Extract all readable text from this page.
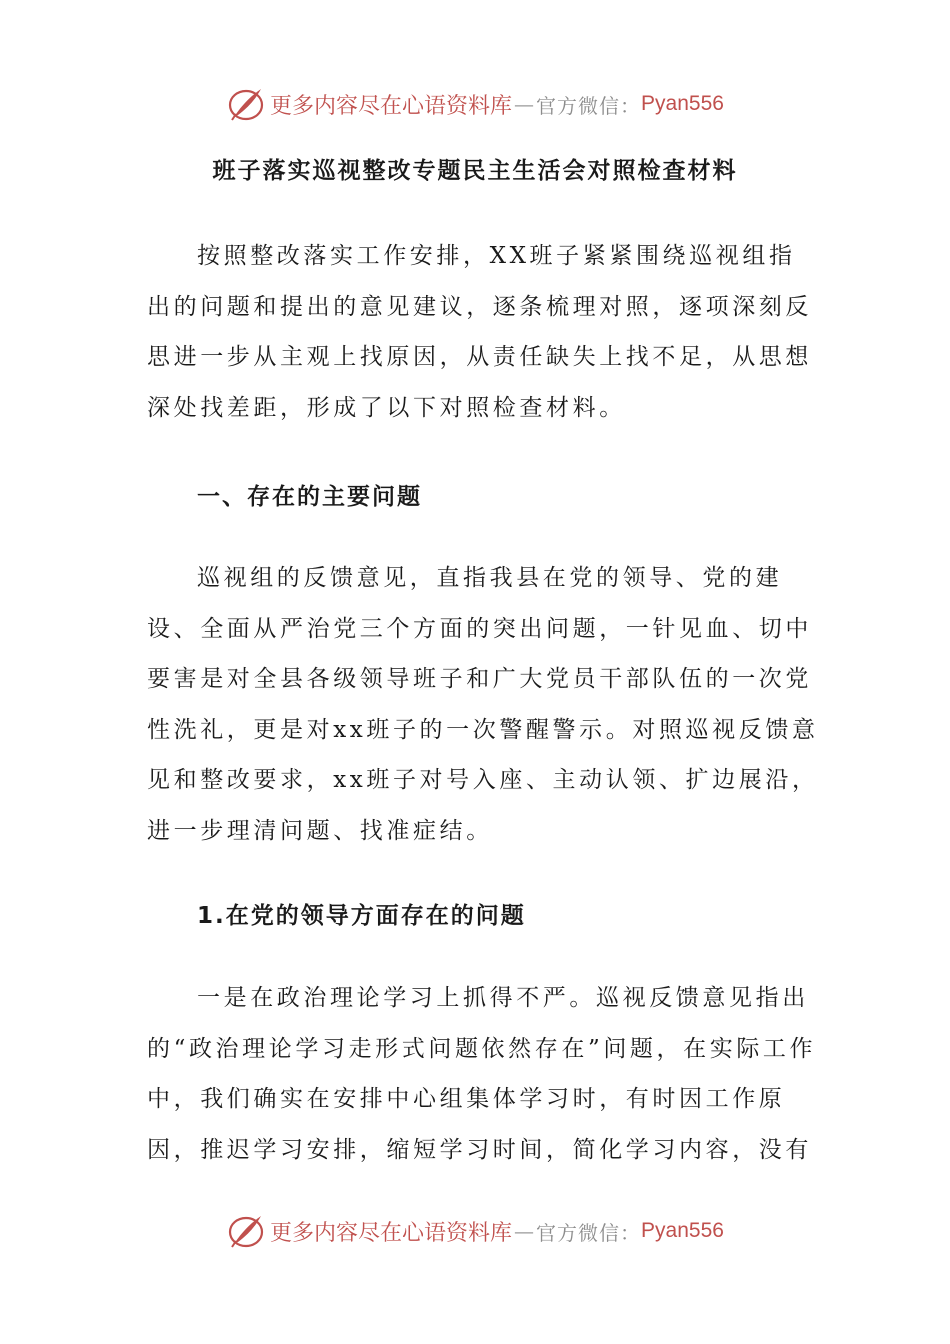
更多内容尽在心语资料库 — 官方微信： Pyan556
班子落实巡视整改专题民主生活会对照检查材料

按照整改落实工作安排，XX班子紧紧围绕巡视组指出的问题和提出的意见建议，逐条梳理对照，逐项深刻反思进一步从主观上找原因，从责任缺失上找不足，从思想深处找差距，形成了以下对照检查材料。

一、存在的主要问题

巡视组的反馈意见，直指我县在党的领导、党的建设、全面从严治党三个方面的突出问题，一针见血、切中要害是对全县各级领导班子和广大党员干部队伍的一次党性洗礼，更是对xx班子的一次警醒警示。对照巡视反馈意见和整改要求，xx班子对号入座、主动认领、扩边展沿，进一步理清问题、找准症结。

1.在党的领导方面存在的问题

一是在政治理论学习上抓得不严。巡视反馈意见指出的“政治理论学习走形式问题依然存在”问题，在实际工作中，我们确实在安排中心组集体学习时，有时因工作原因，推迟学习安排，缩短学习时间，简化学习内容，没有

更多内容尽在心语资料库 — 官方微信： Pyan556
